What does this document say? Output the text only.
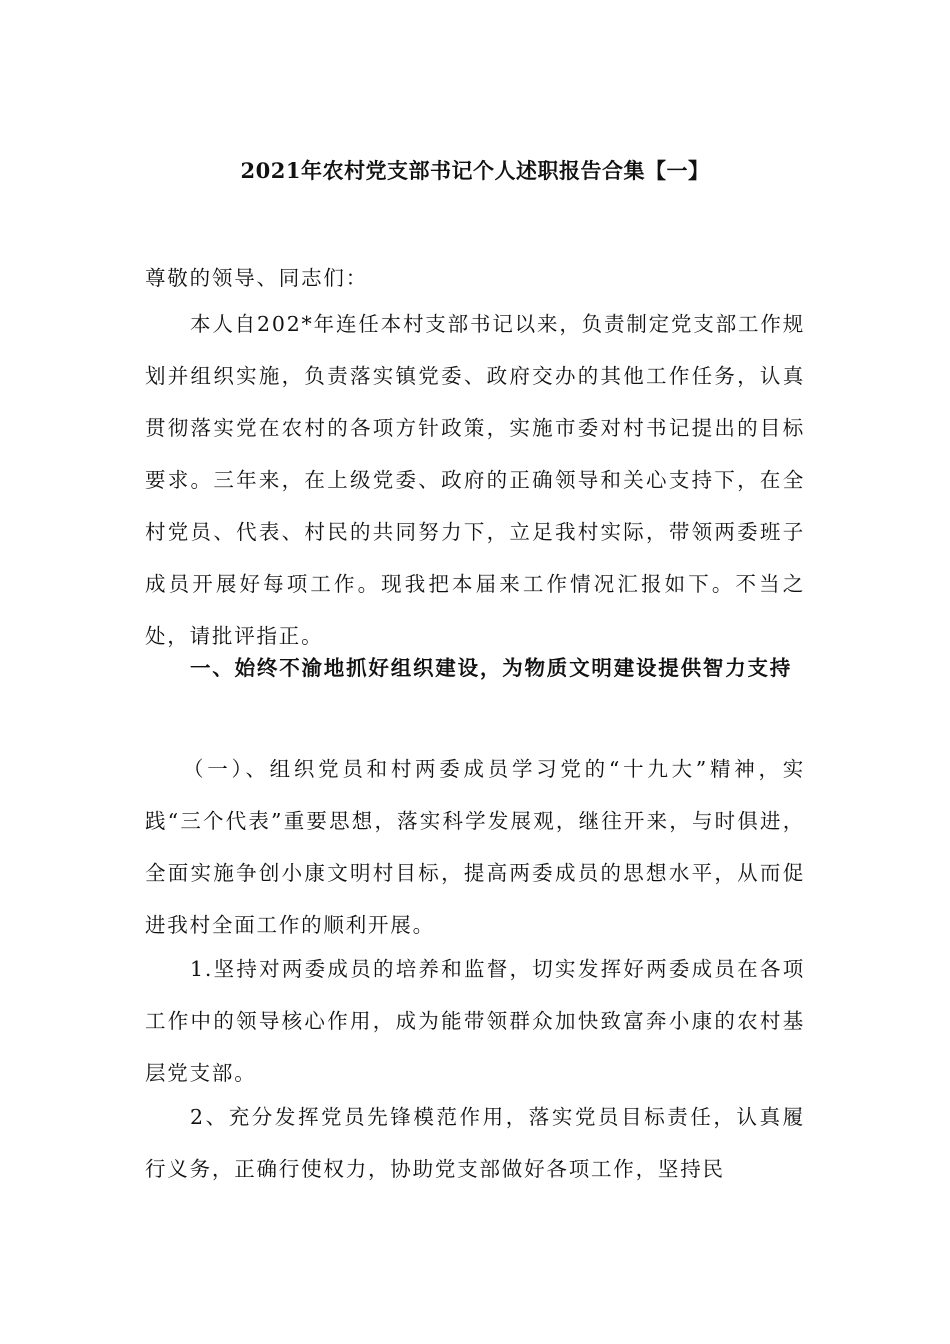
2021年农村党支部书记个人述职报告合集【一】
尊敬的领导、同志们：
本人自202*年连任本村支部书记以来，负责制定党支部工作规划并组织实施，负责落实镇党委、政府交办的其他工作任务，认真贯彻落实党在农村的各项方针政策，实施市委对村书记提出的目标要求。三年来，在上级党委、政府的正确领导和关心支持下，在全村党员、代表、村民的共同努力下，立足我村实际，带领两委班子成员开展好每项工作。现我把本届来工作情况汇报如下。不当之处，请批评指正。
一、始终不渝地抓好组织建设，为物质文明建设提供智力支持
（一）、组织党员和村两委成员学习党的“十九大”精神，实践“三个代表”重要思想，落实科学发展观，继往开来，与时俱进，全面实施争创小康文明村目标，提高两委成员的思想水平，从而促进我村全面工作的顺利开展。
1.坚持对两委成员的培养和监督，切实发挥好两委成员在各项工作中的领导核心作用，成为能带领群众加快致富奔小康的农村基层党支部。
2、充分发挥党员先锋模范作用，落实党员目标责任，认真履行义务，正确行使权力，协助党支部做好各项工作，坚持民
